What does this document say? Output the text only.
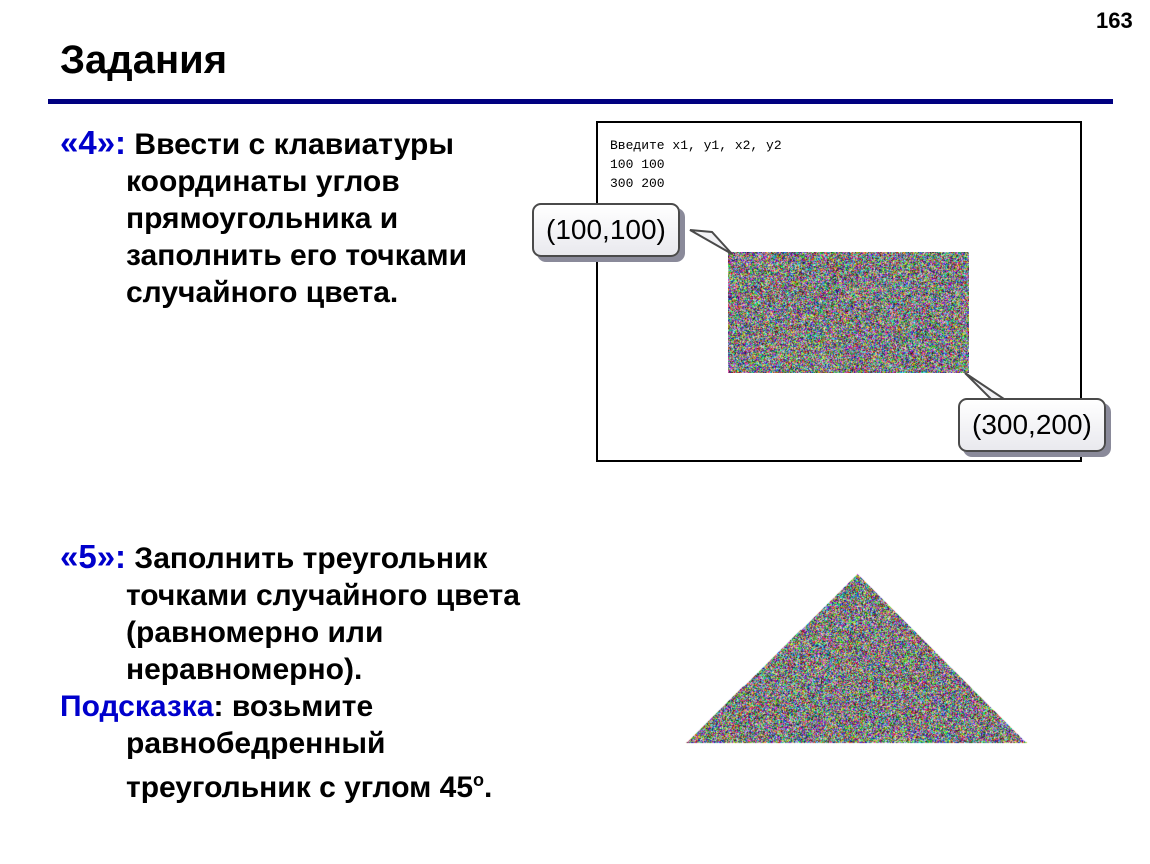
163
Задания
«4»: Ввести с клавиатуры
координаты углов
прямоугольника и
заполнить его точками
случайного цвета.
Введите x1, y1, x2, y2
100 100
300 200
(100,100)
(300,200)
«5»: Заполнить треугольник
точками случайного цвета
(равномерно или
неравномерно).
Подсказка: возьмите
равнобедренный
треугольник с углом $45^о$.
